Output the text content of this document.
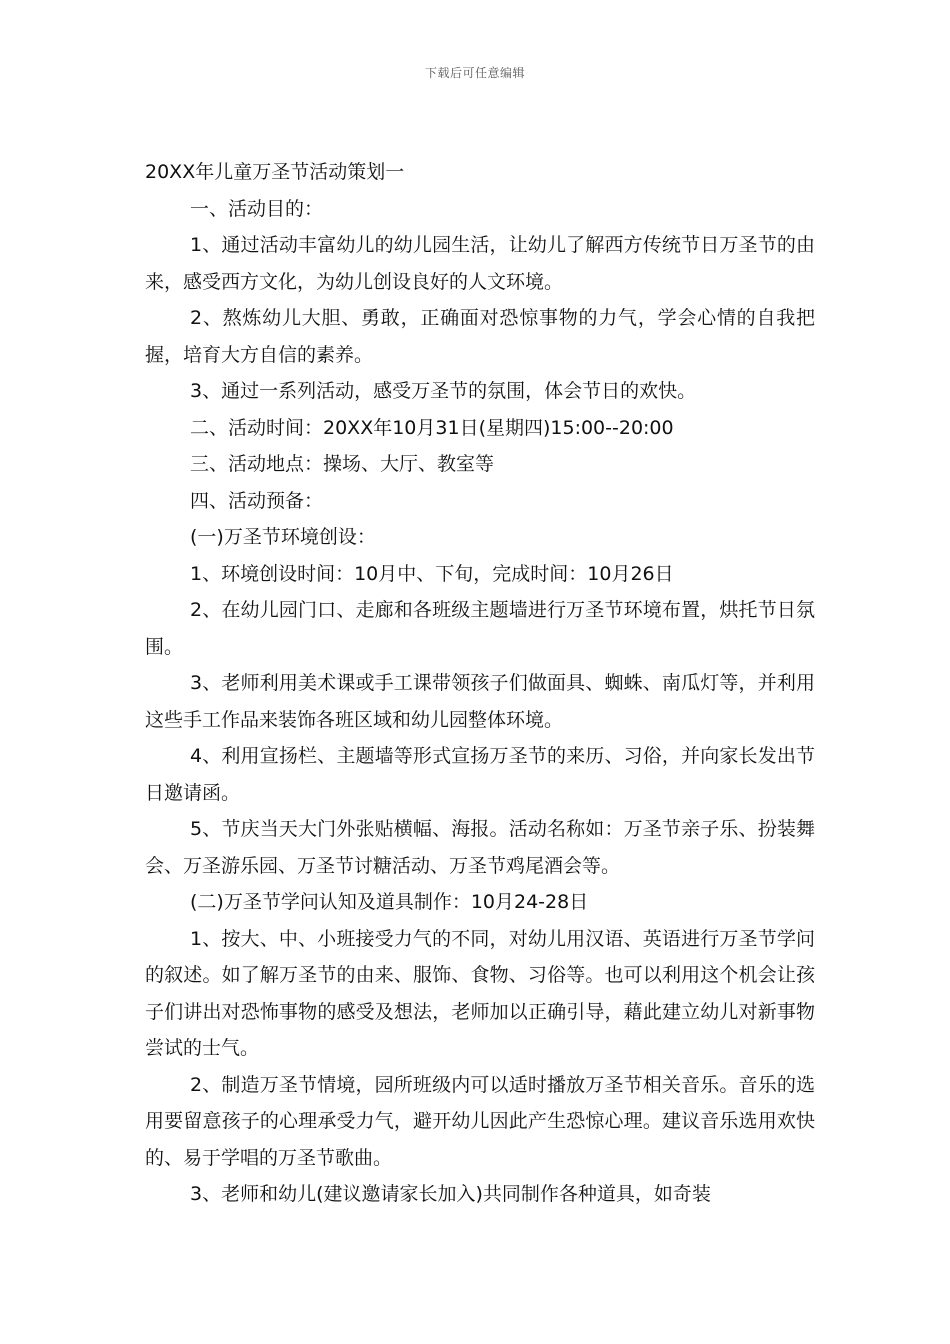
下载后可任意编辑
20XX年儿童万圣节活动策划一

一、活动目的：

1、通过活动丰富幼儿的幼儿园生活，让幼儿了解西方传统节日万圣节的由来，感受西方文化，为幼儿创设良好的人文环境。

2、熬炼幼儿大胆、勇敢，正确面对恐惊事物的力气，学会心情的自我把握，培育大方自信的素养。

3、通过一系列活动，感受万圣节的氛围，体会节日的欢快。

二、活动时间：20XX年10月31日(星期四)15:00--20:00

三、活动地点：操场、大厅、教室等

四、活动预备：

(一)万圣节环境创设：

1、环境创设时间：10月中、下旬，完成时间：10月26日

2、在幼儿园门口、走廊和各班级主题墙进行万圣节环境布置，烘托节日氛围。

3、老师利用美术课或手工课带领孩子们做面具、蜘蛛、南瓜灯等，并利用这些手工作品来装饰各班区域和幼儿园整体环境。

4、利用宣扬栏、主题墙等形式宣扬万圣节的来历、习俗，并向家长发出节日邀请函。

5、节庆当天大门外张贴横幅、海报。活动名称如：万圣节亲子乐、扮装舞会、万圣游乐园、万圣节讨糖活动、万圣节鸡尾酒会等。

(二)万圣节学问认知及道具制作：10月24-28日

1、按大、中、小班接受力气的不同，对幼儿用汉语、英语进行万圣节学问的叙述。如了解万圣节的由来、服饰、食物、习俗等。也可以利用这个机会让孩子们讲出对恐怖事物的感受及想法，老师加以正确引导，藉此建立幼儿对新事物尝试的士气。

2、制造万圣节情境，园所班级内可以适时播放万圣节相关音乐。音乐的选用要留意孩子的心理承受力气，避开幼儿因此产生恐惊心理。建议音乐选用欢快的、易于学唱的万圣节歌曲。

3、老师和幼儿(建议邀请家长加入)共同制作各种道具，如奇装
